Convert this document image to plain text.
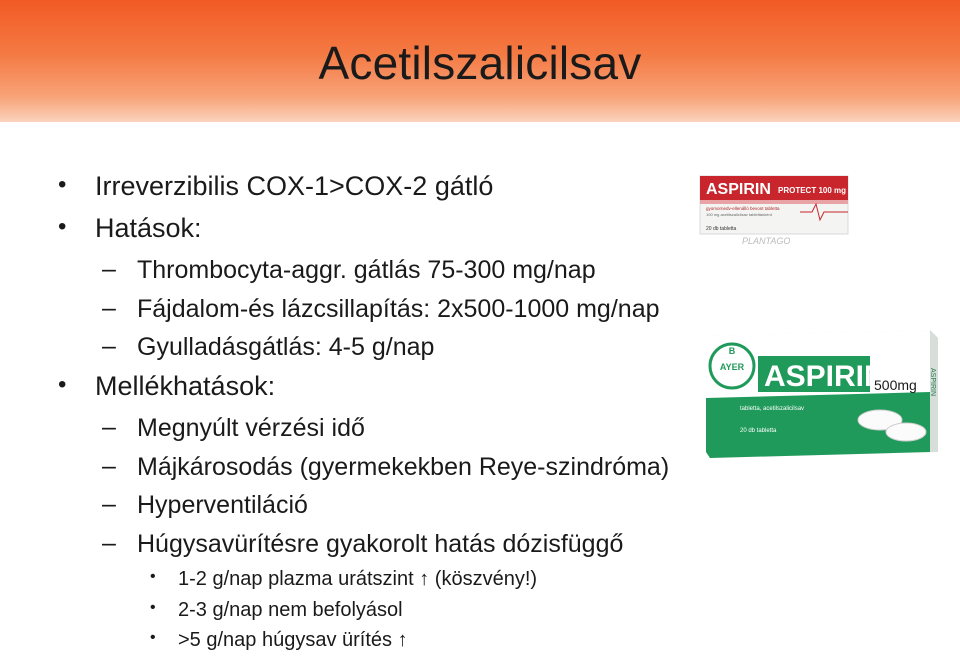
Acetilszalicilsav
• Irreverzibilis COX-1>COX-2 gátló
• Hatások:
– Thrombocyta-aggr. gátlás 75-300 mg/nap
– Fájdalom-és lázcsillapítás: 2x500-1000 mg/nap
– Gyulladásgátlás: 4-5 g/nap
• Mellékhatások:
– Megnyúlt vérzési idő
– Májkárosodás (gyermekekben Reye-szindróma)
– Hyperventiláció
– Húgysavürítésre gyakorolt hatás dózisfüggő
• 1-2 g/nap plazma urátszint ↑ (köszvény!)
• 2-3 g/nap nem befolyásol
• >5 g/nap húgysav ürítés ↑
ASPIRIN PROTECT 100 mg
gyomornedv-ellenálló bevont tabletta
100 mg acetilszalicilsav tablettánként
20 db tabletta
PLANTAGO
ASPIRIN
B
AYER ASPIRIN
500mg
tabletta, acetilszalicilsav
20 db tabletta
